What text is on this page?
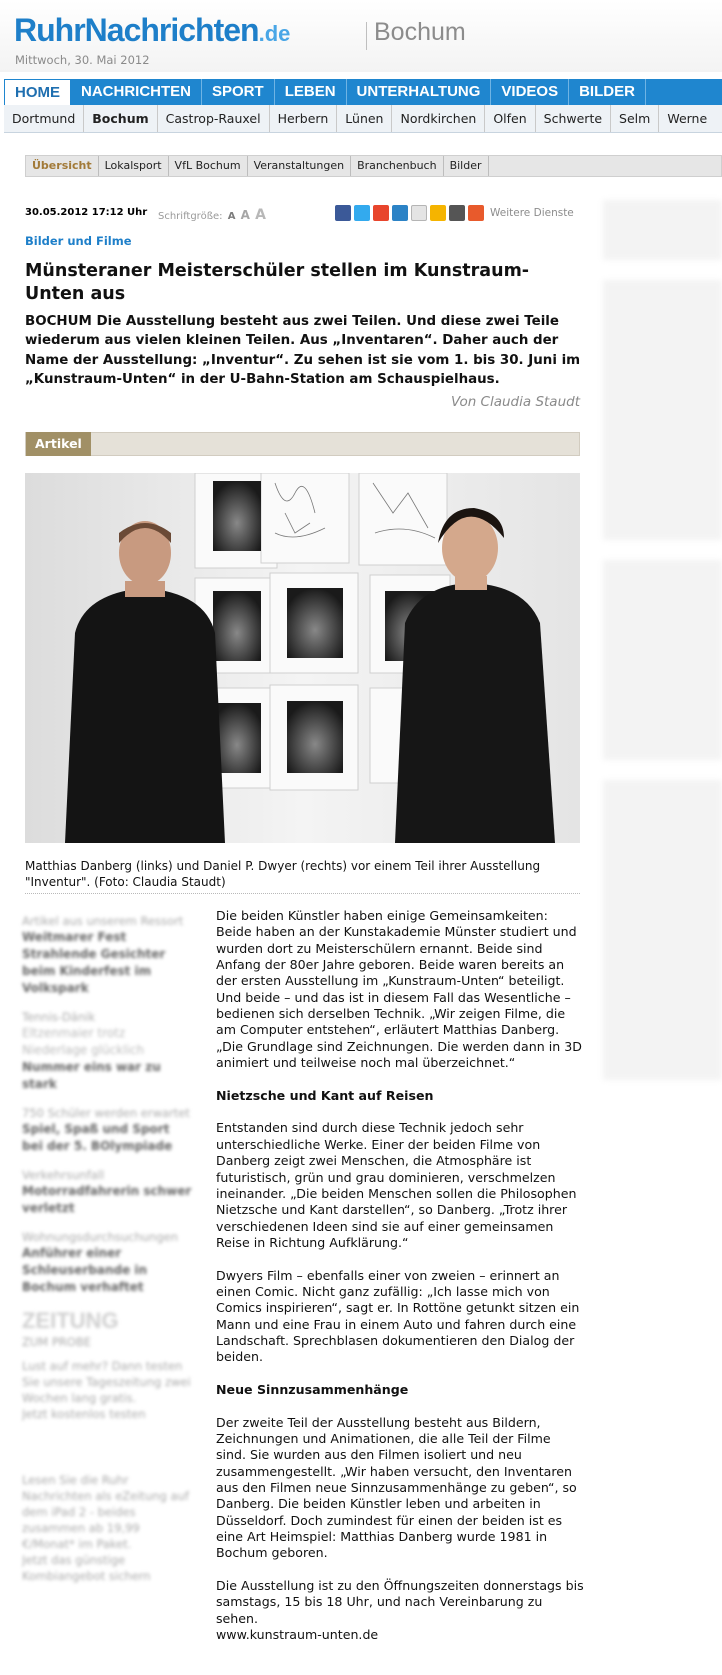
RuhrNachrichten.de	Bochum
Mittwoch, 30. Mai 2012
HOME	NACHRICHTEN	SPORT	LEBEN	UNTERHALTUNG	VIDEOS	BILDER
Dortmund	Bochum	Castrop-Rauxel	Herbern	Lünen	Nordkirchen	Olfen	Schwerte	Selm	Werne
Übersicht	Lokalsport	VfL Bochum	Veranstaltungen	Branchenbuch	Bilder
30.05.2012 17:12 Uhr Schriftgröße: A A A	Weitere Dienste
Bilder und Filme
Münsteraner Meisterschüler stellen im Kunstraum-Unten aus
BOCHUM Die Ausstellung besteht aus zwei Teilen. Und diese zwei Teile wiederum aus vielen kleinen Teilen. Aus „Inventaren“. Daher auch der Name der Ausstellung: „Inventur“. Zu sehen ist sie vom 1. bis 30. Juni im „Kunstraum-Unten“ in der U-Bahn-Station am Schauspielhaus.
Von Claudia Staudt
Artikel
Matthias Danberg (links) und Daniel P. Dwyer (rechts) vor einem Teil ihrer Ausstellung "Inventur". (Foto: Claudia Staudt)
Artikel aus unserem Ressort
Weitmarer Fest Strahlende Gesichter beim Kinderfest im Volkspark
Tennis-Dänik
Eltzenmaier trotz Niederlage glücklich
Nummer eins war zu stark
750 Schüler werden erwartet
Spiel, Spaß und Sport bei der 5. BOlympiade
Verkehrsunfall
Motorradfahrerin schwer verletzt
Wohnungsdurchsuchungen
Anführer einer Schleuserbande in Bochum verhaftet
ZEITUNG
ZUM PROBE
Lust auf mehr? Dann testen Sie unsere Tageszeitung zwei Wochen lang gratis.
Jetzt kostenlos testen
Lesen Sie die Ruhr Nachrichten als eZeitung auf dem iPad 2 - beides zusammen ab 19,99 €/Monat* im Paket.
Jetzt das günstige Kombiangebot sichern

Die beiden Künstler haben einige Gemeinsamkeiten: Beide haben an der Kunstakademie Münster studiert und wurden dort zu Meisterschülern ernannt. Beide sind Anfang der 80er Jahre geboren. Beide waren bereits an der ersten Ausstellung im „Kunstraum-Unten“ beteiligt. Und beide – und das ist in diesem Fall das Wesentliche – bedienen sich derselben Technik. „Wir zeigen Filme, die am Computer entstehen“, erläutert Matthias Danberg. „Die Grundlage sind Zeichnungen. Die werden dann in 3D animiert und teilweise noch mal überzeichnet.“

Nietzsche und Kant auf Reisen

Entstanden sind durch diese Technik jedoch sehr unterschiedliche Werke. Einer der beiden Filme von Danberg zeigt zwei Menschen, die Atmosphäre ist futuristisch, grün und grau dominieren, verschmelzen ineinander. „Die beiden Menschen sollen die Philosophen Nietzsche und Kant darstellen“, so Danberg. „Trotz ihrer verschiedenen Ideen sind sie auf einer gemeinsamen Reise in Richtung Aufklärung.“

Dwyers Film – ebenfalls einer von zweien – erinnert an einen Comic. Nicht ganz zufällig: „Ich lasse mich von Comics inspirieren“, sagt er. In Rottöne getunkt sitzen ein Mann und eine Frau in einem Auto und fahren durch eine Landschaft. Sprechblasen dokumentieren den Dialog der beiden.

Neue Sinnzusammenhänge

Der zweite Teil der Ausstellung besteht aus Bildern, Zeichnungen und Animationen, die alle Teil der Filme sind. Sie wurden aus den Filmen isoliert und neu zusammengestellt. „Wir haben versucht, den Inventaren aus den Filmen neue Sinnzusammenhänge zu geben“, so Danberg. Die beiden Künstler leben und arbeiten in Düsseldorf. Doch zumindest für einen der beiden ist es eine Art Heimspiel: Matthias Danberg wurde 1981 in Bochum geboren.

Die Ausstellung ist zu den Öffnungszeiten donnerstags bis samstags, 15 bis 18 Uhr, und nach Vereinbarung zu sehen.
www.kunstraum-unten.de
